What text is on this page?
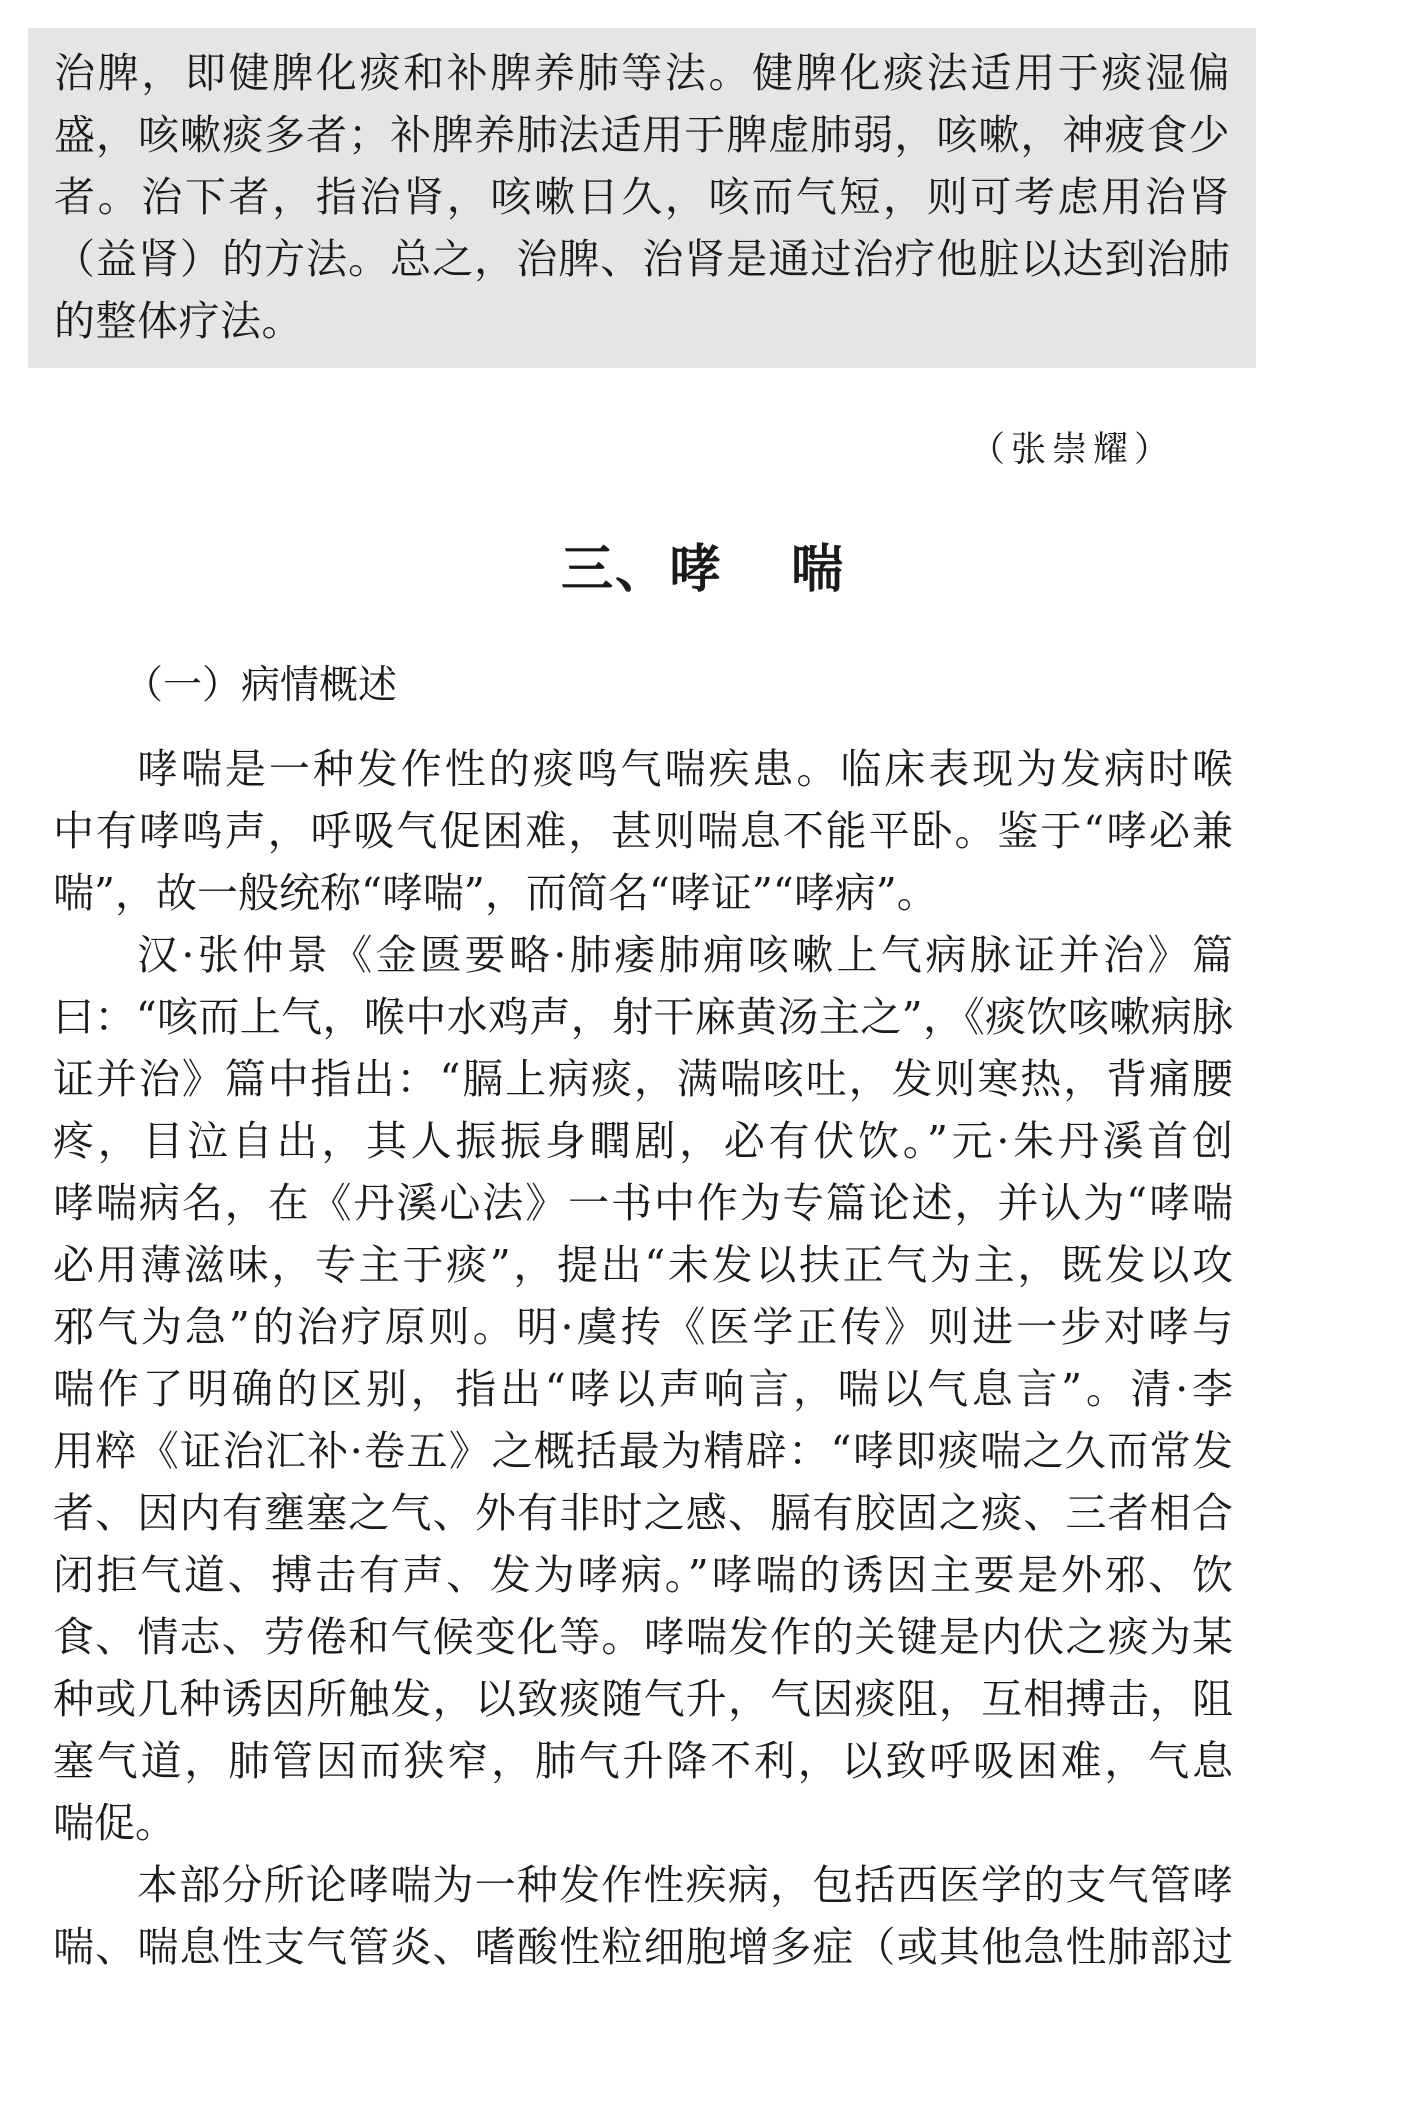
治脾，即健脾化痰和补脾养肺等法。健脾化痰法适用于痰湿偏
盛，咳嗽痰多者；补脾养肺法适用于脾虚肺弱，咳嗽，神疲食少
者。治下者，指治肾，咳嗽日久，咳而气短，则可考虑用治肾
（益肾）的方法。总之，治脾、治肾是通过治疗他脏以达到治肺
的整体疗法。
（张崇耀）
三、哮 喘
（一）病情概述
哮喘是一种发作性的痰鸣气喘疾患。临床表现为发病时喉
中有哮鸣声，呼吸气促困难，甚则喘息不能平卧。鉴于“哮必兼
喘”，故一般统称“哮喘”，而简名“哮证”“哮病”。
汉·张仲景《金匮要略·肺痿肺痈咳嗽上气病脉证并治》篇
曰：“咳而上气，喉中水鸡声，射干麻黄汤主之”，《痰饮咳嗽病脉
证并治》篇中指出：“膈上病痰，满喘咳吐，发则寒热，背痛腰
疼，目泣自出，其人振振身瞤剧，必有伏饮。”元·朱丹溪首创
哮喘病名，在《丹溪心法》一书中作为专篇论述，并认为“哮喘
必用薄滋味，专主于痰”，提出“未发以扶正气为主，既发以攻
邪气为急”的治疗原则。明·虞抟《医学正传》则进一步对哮与
喘作了明确的区别，指出“哮以声响言，喘以气息言”。清·李
用粹《证治汇补·卷五》之概括最为精辟：“哮即痰喘之久而常发
者、因内有壅塞之气、外有非时之感、膈有胶固之痰、三者相合
闭拒气道、搏击有声、发为哮病。”哮喘的诱因主要是外邪、饮
食、情志、劳倦和气候变化等。哮喘发作的关键是内伏之痰为某
种或几种诱因所触发，以致痰随气升，气因痰阻，互相搏击，阻
塞气道，肺管因而狭窄，肺气升降不利，以致呼吸困难，气息
喘促。
本部分所论哮喘为一种发作性疾病，包括西医学的支气管哮
喘、喘息性支气管炎、嗜酸性粒细胞增多症（或其他急性肺部过
